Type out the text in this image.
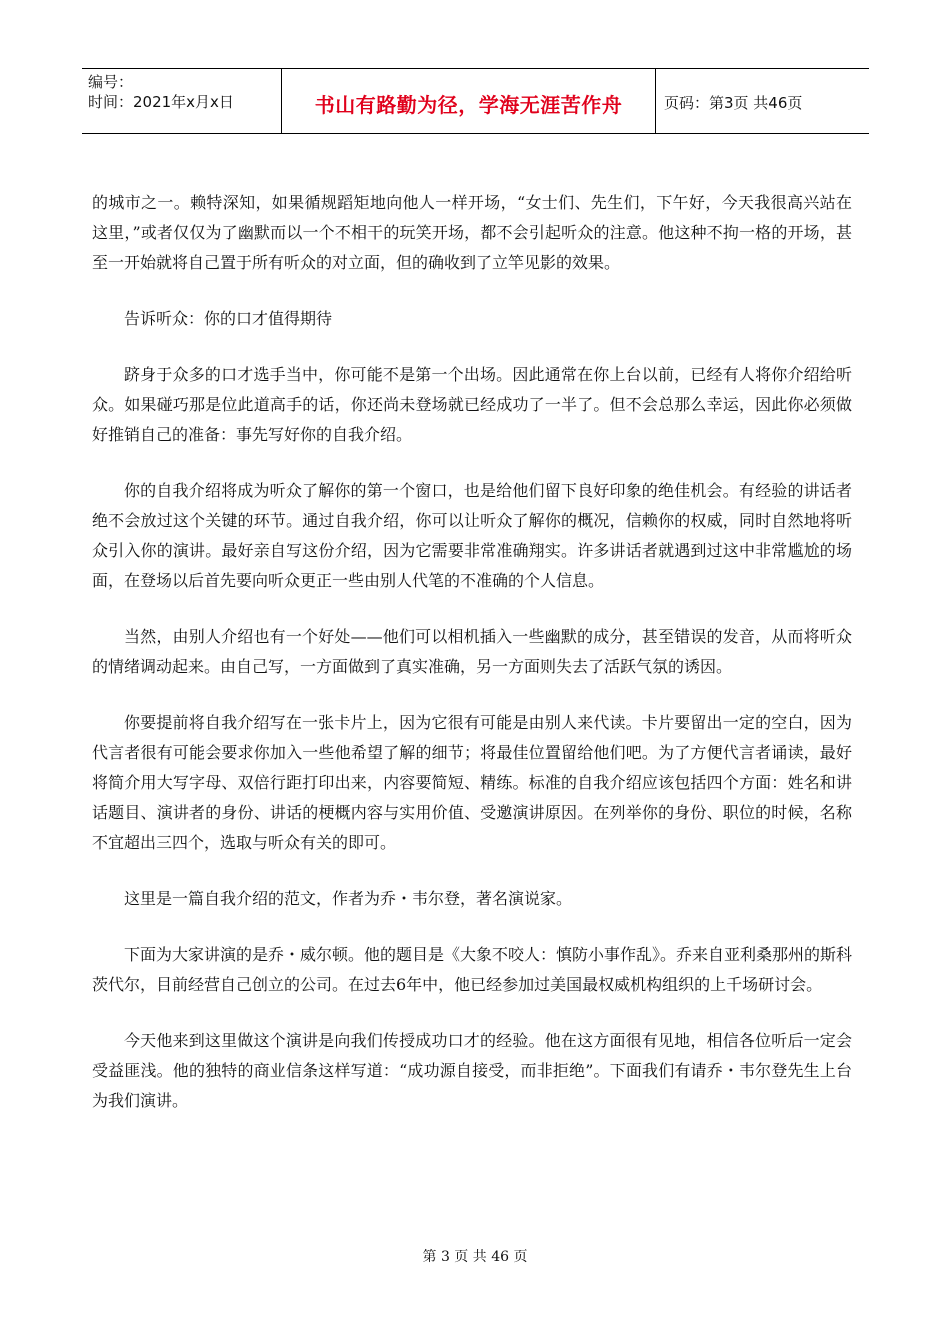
编号：
时间：2021年x月x日	书山有路勤为径，学海无涯苦作舟	页码：第3页 共46页

的城市之一。赖特深知，如果循规蹈矩地向他人一样开场，“女士们、先生们，下午好，今天我很高兴站在这里，”或者仅仅为了幽默而以一个不相干的玩笑开场，都不会引起听众的注意。他这种不拘一格的开场，甚至一开始就将自己置于所有听众的对立面，但的确收到了立竿见影的效果。

告诉听众：你的口才值得期待

跻身于众多的口才选手当中，你可能不是第一个出场。因此通常在你上台以前，已经有人将你介绍给听众。如果碰巧那是位此道高手的话，你还尚未登场就已经成功了一半了。但不会总那么幸运，因此你必须做好推销自己的准备：事先写好你的自我介绍。

你的自我介绍将成为听众了解你的第一个窗口，也是给他们留下良好印象的绝佳机会。有经验的讲话者绝不会放过这个关键的环节。通过自我介绍，你可以让听众了解你的概况，信赖你的权威，同时自然地将听众引入你的演讲。最好亲自写这份介绍，因为它需要非常准确翔实。许多讲话者就遇到过这中非常尴尬的场面，在登场以后首先要向听众更正一些由别人代笔的不准确的个人信息。

当然，由别人介绍也有一个好处——他们可以相机插入一些幽默的成分，甚至错误的发音，从而将听众的情绪调动起来。由自己写，一方面做到了真实准确，另一方面则失去了活跃气氛的诱因。

你要提前将自我介绍写在一张卡片上，因为它很有可能是由别人来代读。卡片要留出一定的空白，因为代言者很有可能会要求你加入一些他希望了解的细节；将最佳位置留给他们吧。为了方便代言者诵读，最好将简介用大写字母、双倍行距打印出来，内容要简短、精练。标准的自我介绍应该包括四个方面：姓名和讲话题目、演讲者的身份、讲话的梗概内容与实用价值、受邀演讲原因。在列举你的身份、职位的时候，名称不宜超出三四个，选取与听众有关的即可。

这里是一篇自我介绍的范文，作者为乔・韦尔登，著名演说家。

下面为大家讲演的是乔・威尔顿。他的题目是《大象不咬人：慎防小事作乱》。乔来自亚利桑那州的斯科茨代尔，目前经营自己创立的公司。在过去6年中，他已经参加过美国最权威机构组织的上千场研讨会。

今天他来到这里做这个演讲是向我们传授成功口才的经验。他在这方面很有见地，相信各位听后一定会受益匪浅。他的独特的商业信条这样写道：“成功源自接受，而非拒绝”。下面我们有请乔・韦尔登先生上台为我们演讲。

第 3 页 共 46 页
